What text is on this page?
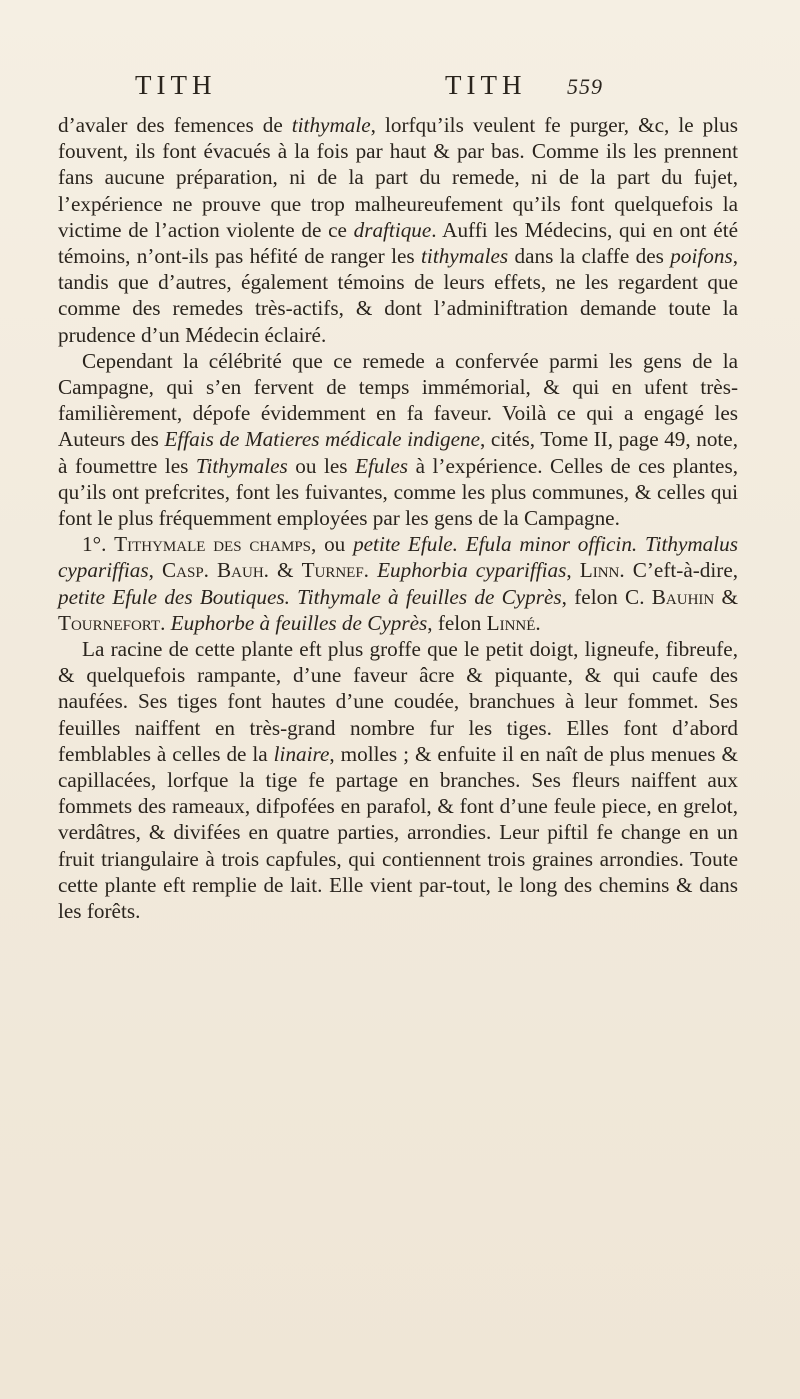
TITH	TITH 559

d’avaler des femences de tithymale, lorfqu’ils veulent fe purger, &c, le plus fouvent, ils font évacués à la fois par haut & par bas. Comme ils les prennent fans aucune préparation, ni de la part du remede, ni de la part du fujet, l’expérience ne prouve que trop malheureufement qu’ils font quelquefois la victime de l’action violente de ce draftique. Auffi les Médecins, qui en ont été témoins, n’ont-ils pas héfité de ranger les tithymales dans la claffe des poifons, tandis que d’autres, également témoins de leurs effets, ne les regardent que comme des remedes très-actifs, & dont l’adminiftration demande toute la prudence d’un Médecin éclairé.

Cependant la célébrité que ce remede a confervée parmi les gens de la Campagne, qui s’en fervent de temps immémorial, & qui en ufent très-familièrement, dépofe évidemment en fa faveur. Voilà ce qui a engagé les Auteurs des Effais de Matieres médicale indigene, cités, Tome II, page 49, note, à foumettre les Tithymales ou les Efules à l’expérience. Celles de ces plantes, qu’ils ont prefcrites, font les fuivantes, comme les plus communes, & celles qui font le plus fréquemment employées par les gens de la Campagne.

1°. Tithymale des champs, ou petite Efule. Efula minor officin. Tithymalus cypariffias, Casp. Bauh. & Turnef. Euphorbia cypariffias, Linn. C’eft-à-dire, petite Efule des Boutiques. Tithymale à feuilles de Cyprès, felon C. Bauhin & Tournefort. Euphorbe à feuilles de Cyprès, felon Linné.

La racine de cette plante eft plus groffe que le petit doigt, ligneufe, fibreufe, & quelquefois rampante, d’une faveur âcre & piquante, & qui caufe des naufées. Ses tiges font hautes d’une coudée, branchues à leur fommet. Ses feuilles naiffent en très-grand nombre fur les tiges. Elles font d’abord femblables à celles de la linaire, molles ; & enfuite il en naît de plus menues & capillacées, lorfque la tige fe partage en branches. Ses fleurs naiffent aux fommets des rameaux, difpofées en parafol, & font d’une feule piece, en grelot, verdâtres, & divifées en quatre parties, arrondies. Leur piftil fe change en un fruit triangulaire à trois capfules, qui contiennent trois graines arrondies. Toute cette plante eft remplie de lait. Elle vient par-tout, le long des chemins & dans les forêts.
